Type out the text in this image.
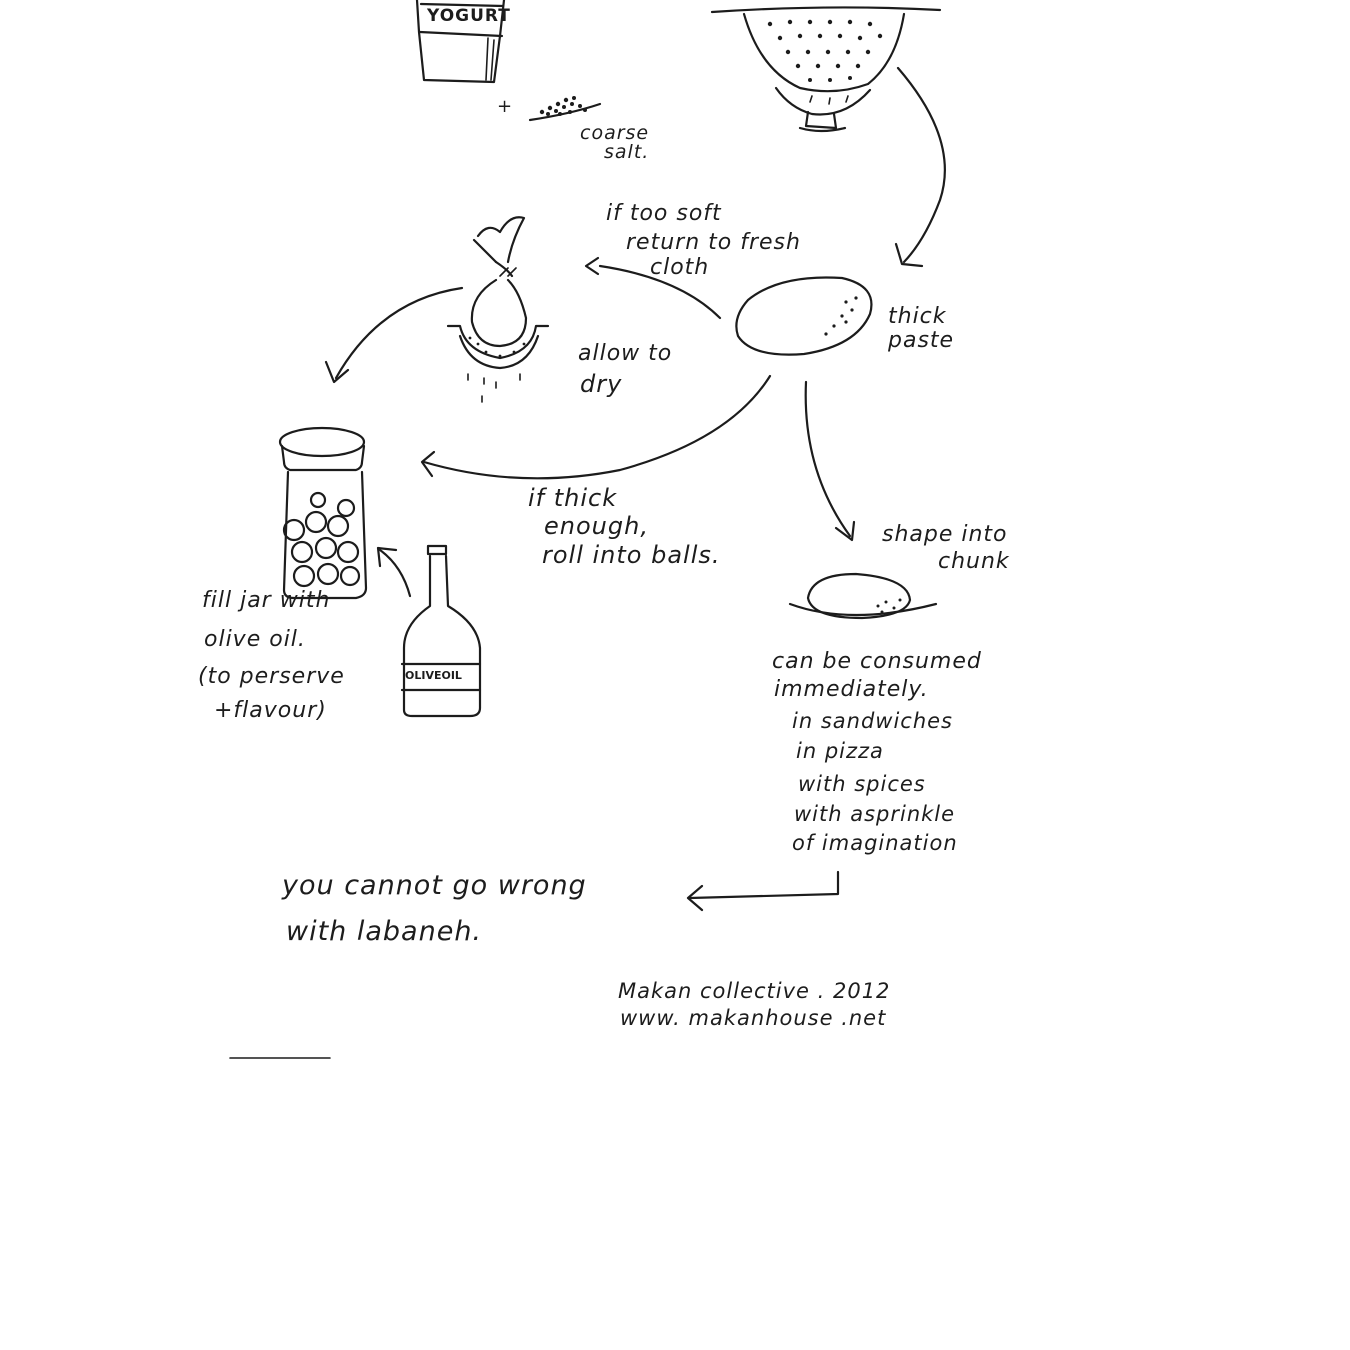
YOGURT
OLIVEOIL
+
coarse
salt.
if too soft
return to fresh
cloth
thick
paste
allow to
dry
if thick
enough,
roll into balls.
shape into
chunk
fill jar with
olive oil.
(to perserve
+flavour)
can be consumed
immediately.
in sandwiches
in pizza
with spices
with asprinkle
of imagination
you cannot go wrong
with labaneh.
Makan collective . 2012
www. makanhouse .net
